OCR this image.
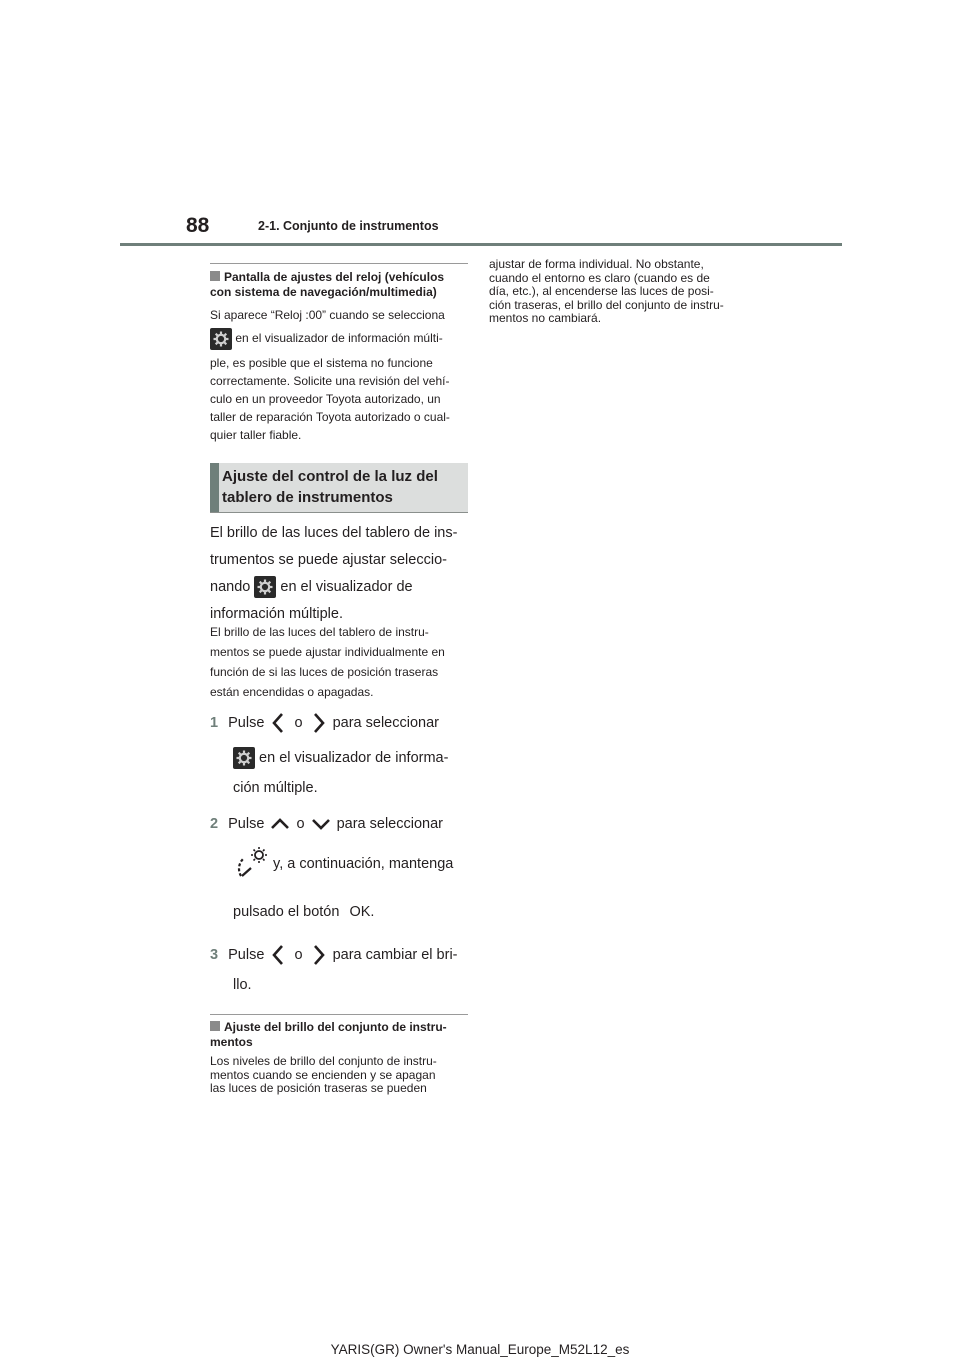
88	2-1. Conjunto de instrumentos
Pantalla de ajustes del reloj (vehículos con sistema de navegación/multimedia)
Si aparece “Reloj :00” cuando se selecciona
en el visualizador de información múlti-
ple, es posible que el sistema no funcione
correctamente. Solicite una revisión del vehí-
culo en un proveedor Toyota autorizado, un
taller de reparación Toyota autorizado o cual-
quier taller fiable.
Ajuste del control de la luz del
tablero de instrumentos
El brillo de las luces del tablero de ins-
trumentos se puede ajustar seleccio-
nando en el visualizador de
información múltiple.
El brillo de las luces del tablero de instru-
mentos se puede ajustar individualmente en
función de si las luces de posición traseras
están encendidas o apagadas.
1 Pulse o para seleccionar
en el visualizador de informa-
ción múltiple.
2 Pulse o para seleccionar
y, a continuación, mantenga
pulsado el botón OK.
3 Pulse o para cambiar el bri-
llo.
Ajuste del brillo del conjunto de instru- mentos
Los niveles de brillo del conjunto de instru-
mentos cuando se encienden y se apagan
las luces de posición traseras se pueden
ajustar de forma individual. No obstante,
cuando el entorno es claro (cuando es de
día, etc.), al encenderse las luces de posi-
ción traseras, el brillo del conjunto de instru-
mentos no cambiará.
YARIS(GR) Owner's Manual_Europe_M52L12_es
